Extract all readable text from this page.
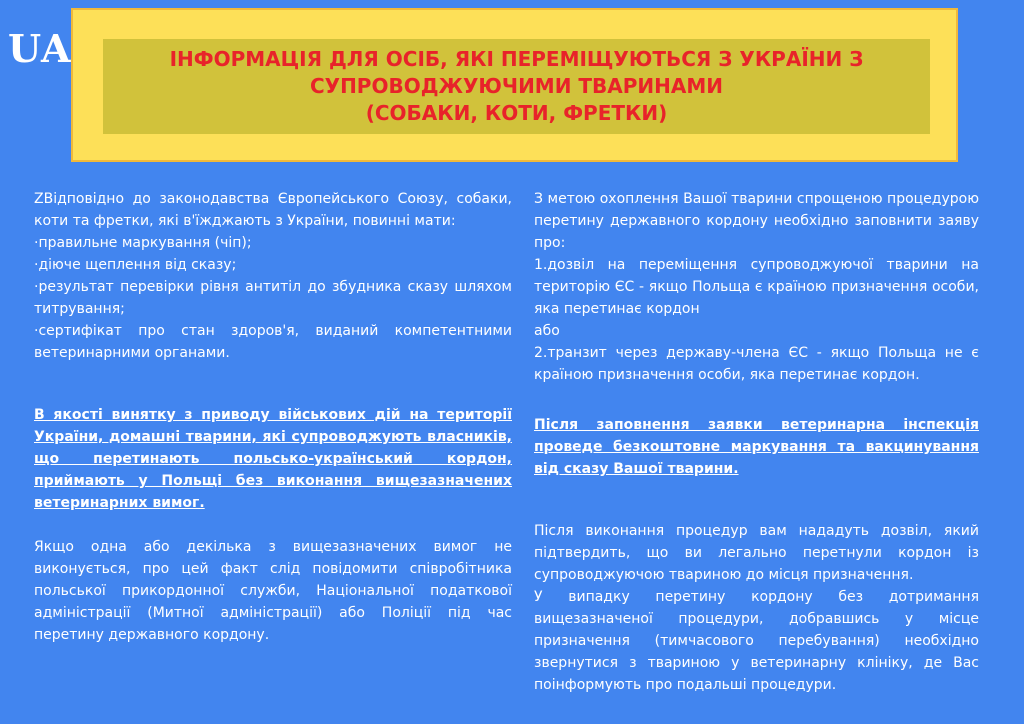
UA	ІНФОРМАЦІЯ ДЛЯ ОСІБ, ЯКІ ПЕРЕМІЩУЮТЬСЯ З УКРАЇНИ З
СУПРОВОДЖУЮЧИМИ ТВАРИНАМИ
(СОБАКИ, КОТИ, ФРЕТКИ)

ZВідповідно до законодавства Європейського Союзу, собаки, коти та фретки, які в'їжджають з України, повинні мати:

·правильне маркування (чіп);

·діюче щеплення від сказу;

·результат перевірки рівня антитіл до збудника сказу шляхом титрування;

·сертифікат про стан здоров'я, виданий компетентними ветеринарними органами.

В якості винятку з приводу військових дій на території України, домашні тварини, які супроводжують власників, що перетинають польсько-український кордон, приймають у Польщі без виконання вищезазначених ветеринарних вимог.

Якщо одна або декілька з вищезазначених вимог не виконується, про цей факт слід повідомити співробітника польської прикордонної служби, Національної податкової адміністрації (Митної адміністрації) або Поліції під час перетину державного кордону.

З метою охоплення Вашої тварини спрощеною процедурою перетину державного кордону необхідно заповнити заяву про:

1.дозвіл на переміщення супроводжуючої тварини на територію ЄС - якщо Польща є країною призначення особи, яка перетинає кордон

або

2.транзит через державу-члена ЄС - якщо Польща не є країною призначення особи, яка перетинає кордон.

Після заповнення заявки ветеринарна інспекція проведе безкоштовне маркування та вакцинування від сказу Вашої тварини.

Після виконання процедур вам нададуть дозвіл, який підтвердить, що ви легально перетнули кордон із супроводжуючою твариною до місця призначення.

У випадку перетину кордону без дотримання вищезазначеної процедури, добравшись у місце призначення (тимчасового перебування) необхідно звернутися з твариною у ветеринарну клініку, де Вас поінформують про подальші процедури.
